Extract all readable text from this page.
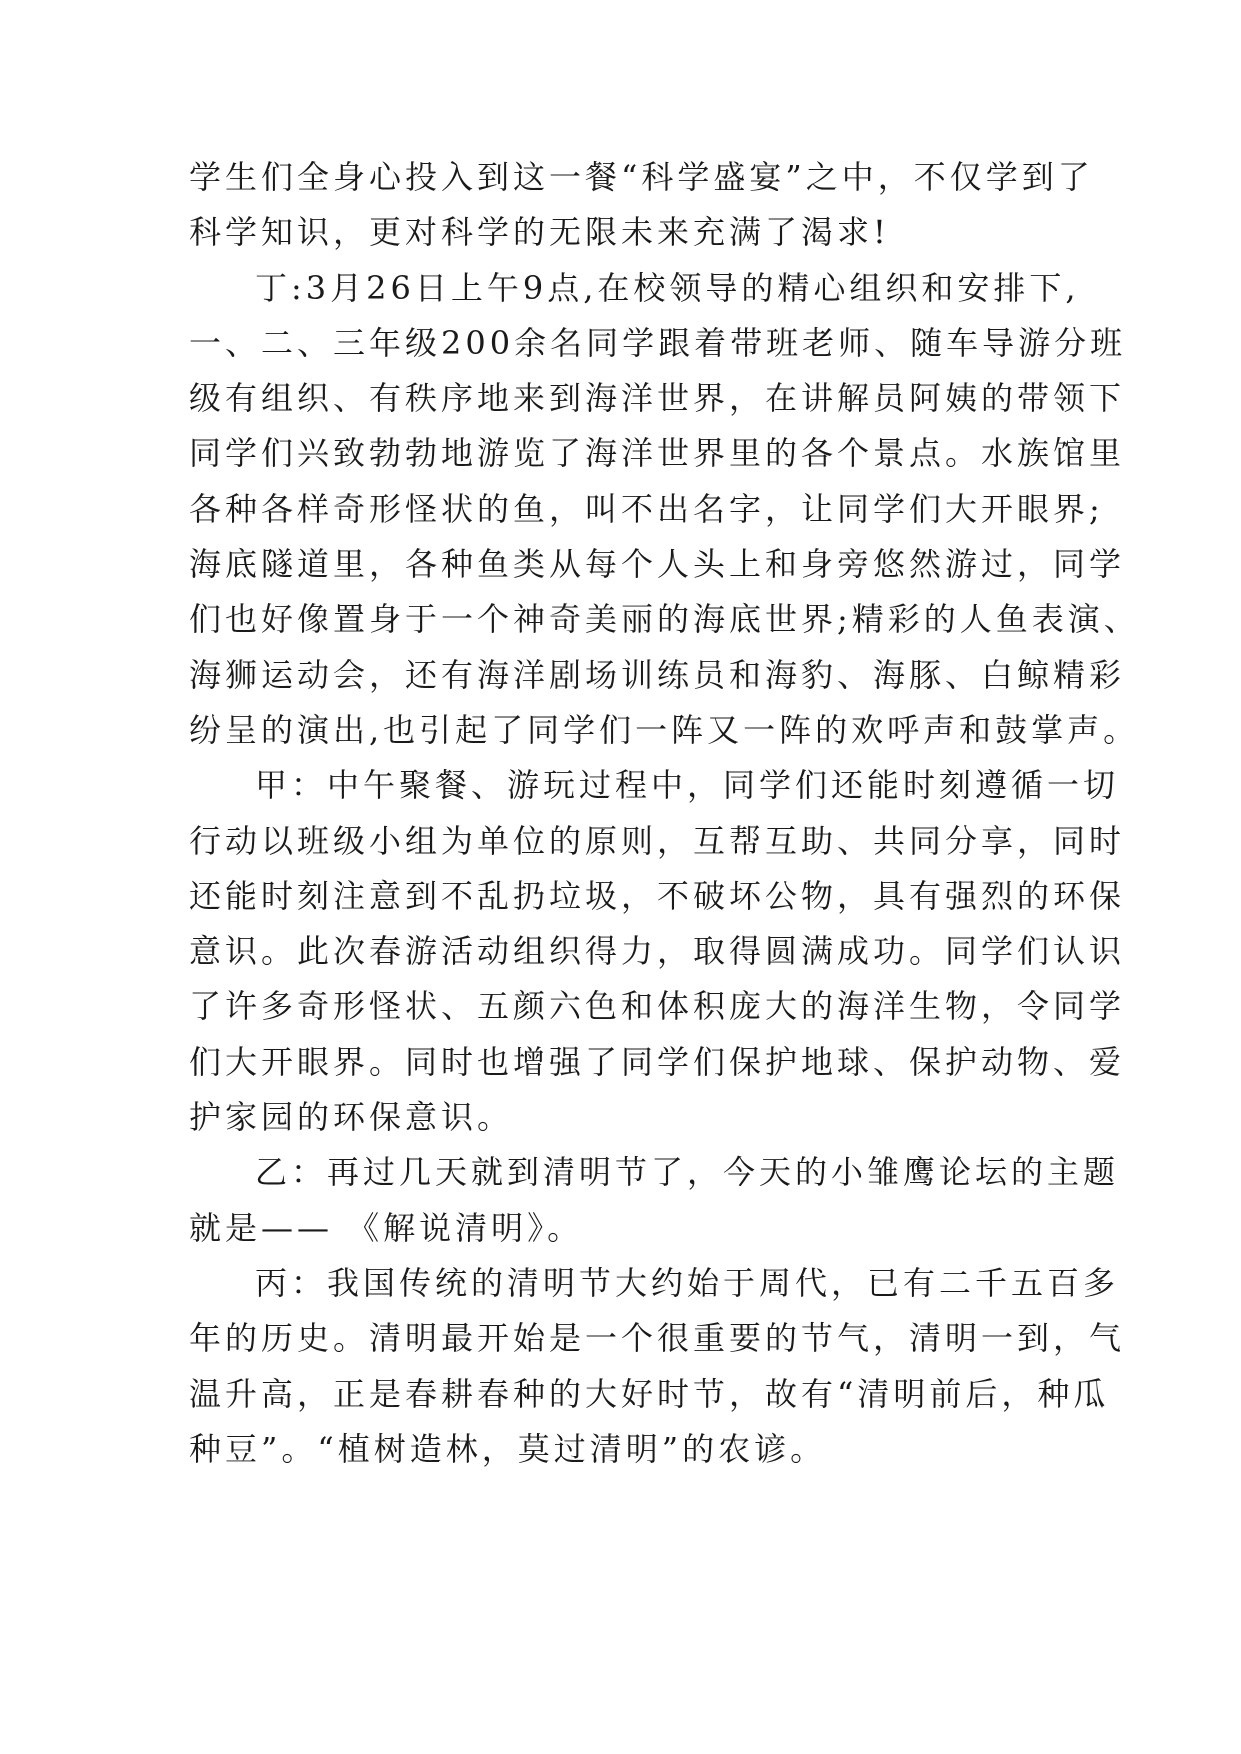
学生们全身心投入到这一餐“科学盛宴”之中，不仅学到了
科学知识，更对科学的无限未来充满了渴求!
丁:3月26日上午9点,在校领导的精心组织和安排下,
一、二、三年级200余名同学跟着带班老师、随车导游分班
级有组织、有秩序地来到海洋世界，在讲解员阿姨的带领下
同学们兴致勃勃地游览了海洋世界里的各个景点。水族馆里
各种各样奇形怪状的鱼，叫不出名字，让同学们大开眼界;
海底隧道里，各种鱼类从每个人头上和身旁悠然游过，同学
们也好像置身于一个神奇美丽的海底世界;精彩的人鱼表演、
海狮运动会，还有海洋剧场训练员和海豹、海豚、白鲸精彩
纷呈的演出,也引起了同学们一阵又一阵的欢呼声和鼓掌声。
甲：中午聚餐、游玩过程中，同学们还能时刻遵循一切
行动以班级小组为单位的原则，互帮互助、共同分享，同时
还能时刻注意到不乱扔垃圾，不破坏公物，具有强烈的环保
意识。此次春游活动组织得力，取得圆满成功。同学们认识
了许多奇形怪状、五颜六色和体积庞大的海洋生物，令同学
们大开眼界。同时也增强了同学们保护地球、保护动物、爱
护家园的环保意识。
乙：再过几天就到清明节了，今天的小雏鹰论坛的主题
就是—— 《解说清明》。
丙：我国传统的清明节大约始于周代，已有二千五百多
年的历史。清明最开始是一个很重要的节气，清明一到，气
温升高，正是春耕春种的大好时节，故有“清明前后，种瓜
种豆”。“植树造林，莫过清明”的农谚。
